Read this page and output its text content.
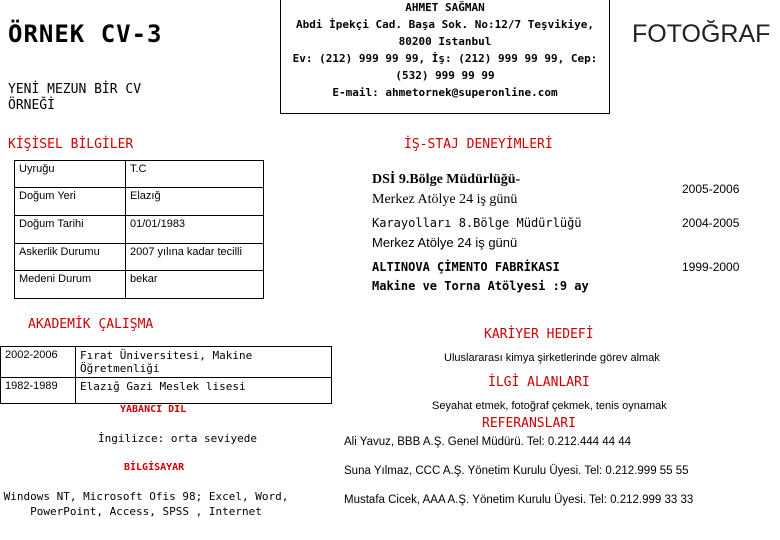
ÖRNEK CV-3
YENİ MEZUN BİR CV
ÖRNEĞİ
AHMET SAĞMAN
Abdi İpekçi Cad. Başa Sok. No:12/7 Teşvikiye,
80200 Istanbul
Ev: (212) 999 99 99, İş: (212) 999 99 99, Cep:
(532) 999 99 99
E-mail: ahmetornek@superonline.com
FOTOĞRAF
KİŞİSEL BİLGİLER
Uyruğu	T.C
Doğum Yeri	Elazığ
Doğum Tarihi	01/01/1983
Askerlik Durumu	2007 yılına kadar tecilli
Medeni Durum	bekar
AKADEMİK ÇALIŞMA
2002-2006	Fırat Üniversitesi, Makine Öğretmenliği
1982-1989	Elazığ Gazi Meslek lisesi
YABANCI DİL
İngilizce: orta seviyede
BİLGİSAYAR
Windows NT, Microsoft Ofis 98; Excel, Word,
PowerPoint, Access, SPSS , Internet
İŞ-STAJ DENEYİMLERİ
DSİ 9.Bölge Müdürlüğü-
Merkez Atölye 24 iş günü
2005-2006
Karayolları 8.Bölge Müdürlüğü
Merkez Atölye 24 iş günü
2004-2005
ALTINOVA ÇİMENTO FABRİKASI
Makine ve Torna Atölyesi :9 ay
1999-2000
KARİYER HEDEFİ
Uluslararası kimya şirketlerinde görev almak
İLGİ ALANLARI
Seyahat etmek, fotoğraf çekmek, tenis oynamak
REFERANSLARI
Ali Yavuz, BBB A.Ş. Genel Müdürü. Tel: 0.212.444 44 44
Suna Yılmaz, CCC A.Ş. Yönetim Kurulu Üyesi. Tel: 0.212.999 55 55
Mustafa Cicek, AAA A.Ş. Yönetim Kurulu Üyesi. Tel: 0.212.999 33 33
